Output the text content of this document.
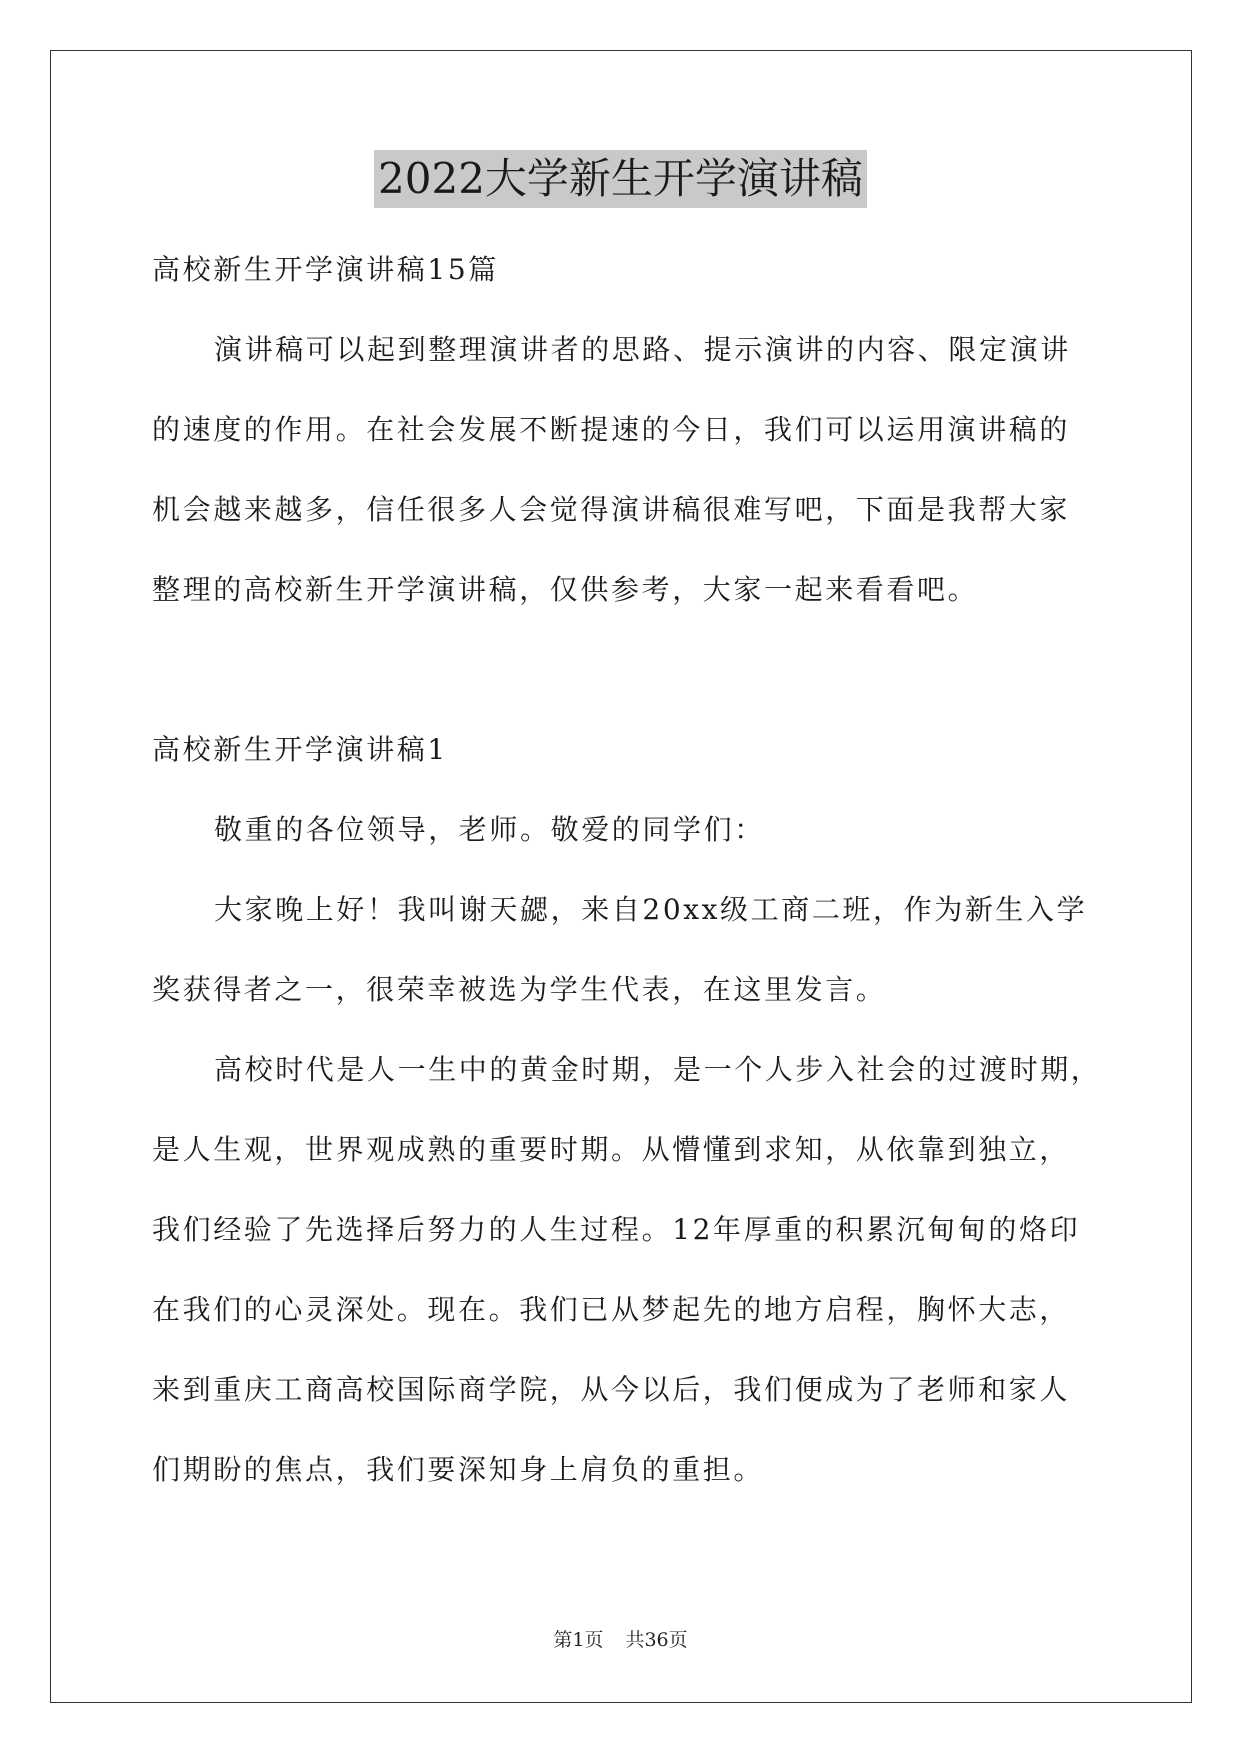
2022大学新生开学演讲稿
高校新生开学演讲稿15篇
演讲稿可以起到整理演讲者的思路、提示演讲的内容、限定演讲
的速度的作用。在社会发展不断提速的今日，我们可以运用演讲稿的
机会越来越多，信任很多人会觉得演讲稿很难写吧，下面是我帮大家
整理的高校新生开学演讲稿，仅供参考，大家一起来看看吧。
高校新生开学演讲稿1
敬重的各位领导，老师。敬爱的同学们：
大家晚上好！我叫谢天勰，来自20xx级工商二班，作为新生入学
奖获得者之一，很荣幸被选为学生代表，在这里发言。
高校时代是人一生中的黄金时期，是一个人步入社会的过渡时期，
是人生观，世界观成熟的重要时期。从懵懂到求知，从依靠到独立，
我们经验了先选择后努力的人生过程。12年厚重的积累沉甸甸的烙印
在我们的心灵深处。现在。我们已从梦起先的地方启程，胸怀大志，
来到重庆工商高校国际商学院，从今以后，我们便成为了老师和家人
们期盼的焦点，我们要深知身上肩负的重担。
第1页 共36页
